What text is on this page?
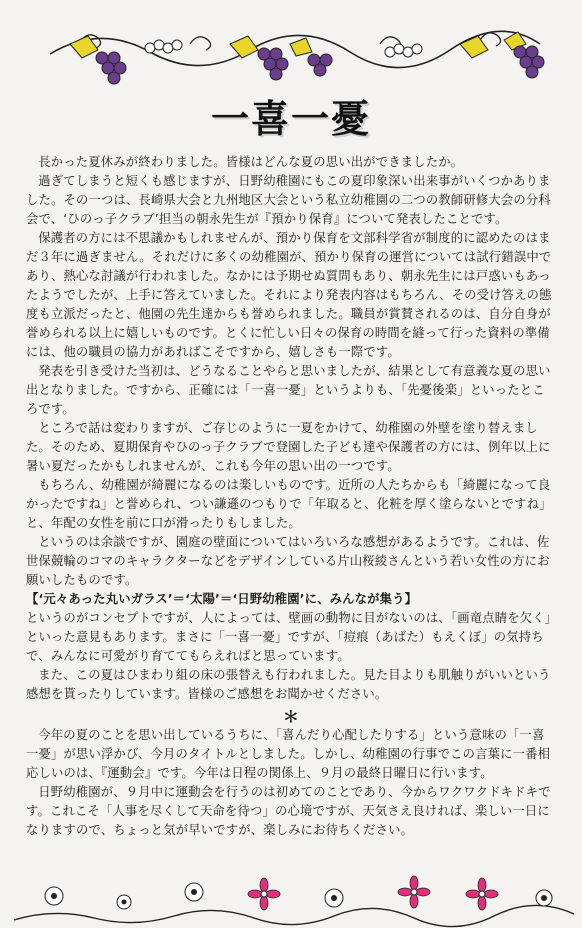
一喜一憂

長かった夏休みが終わりました。皆様はどんな夏の思い出ができましたか。

過ぎてしまうと短くも感じますが、日野幼稚園にもこの夏印象深い出来事がいくつかありました。その一つは、長崎県大会と九州地区大会という私立幼稚園の二つの教師研修大会の分科会で、‘ひのっ子クラブ’担当の朝永先生が『預かり保育』について発表したことです。

保護者の方には不思議かもしれませんが、預かり保育を文部科学省が制度的に認めたのはまだ３年に過ぎません。それだけに多くの幼稚園が、預かり保育の運営については試行錯誤中であり、熱心な討議が行われました。なかには予期せぬ質問もあり、朝永先生には戸惑いもあったようでしたが、上手に答えていました。それにより発表内容はもちろん、その受け答えの態度も立派だったと、他園の先生達からも誉められました。職員が賞賛されるのは、自分自身が誉められる以上に嬉しいものです。とくに忙しい日々の保育の時間を縫って行った資料の準備には、他の職員の協力があればこそですから、嬉しさも一際です。

発表を引き受けた当初は、どうなることやらと思いましたが、結果として有意義な夏の思い出となりました。ですから、正確には「一喜一憂」というよりも、「先憂後楽」といったところです。

ところで話は変わりますが、ご存じのように一夏をかけて、幼稚園の外壁を塗り替えました。そのため、夏期保育やひのっ子クラブで登園した子ども達や保護者の方には、例年以上に暑い夏だったかもしれませんが、これも今年の思い出の一つです。

もちろん、幼稚園が綺麗になるのは楽しいものです。近所の人たちからも「綺麗になって良かったですね」と誉められ、つい謙遜のつもりで「年取ると、化粧を厚く塗らないとですね」と、年配の女性を前に口が滑ったりもしました。

というのは余談ですが、園庭の壁面についてはいろいろな感想があるようです。これは、佐世保競輪のコマのキャラクターなどをデザインしている片山桜綾さんという若い女性の方にお願いしたものです。

【‘元々あった丸いガラス’＝‘太陽’＝‘日野幼稚園’に、みんなが集う】

というのがコンセプトですが、人によっては、壁画の動物に目がないのは、「画竜点睛を欠く」といった意見もあります。まさに「一喜一憂」ですが、「痘痕（あばた）もえくぼ」の気持ちで、みんなに可愛がり育ててもらえればと思っています。

また、この夏はひまわり組の床の張替えも行われました。見た目よりも肌触りがいいという感想を貰ったりしています。皆様のご感想をお聞かせください。

＊

今年の夏のことを思い出しているうちに、「喜んだり心配したりする」という意味の「一喜一憂」が思い浮かび、今月のタイトルとしました。しかし、幼稚園の行事でこの言葉に一番相応しいのは、『運動会』です。今年は日程の関係上、９月の最終日曜日に行います。

日野幼稚園が、９月中に運動会を行うのは初めてのことであり、今からワクワクドキドキです。これこそ「人事を尽くして天命を待つ」の心境ですが、天気さえ良ければ、楽しい一日になりますので、ちょっと気が早いですが、楽しみにお待ちください。
